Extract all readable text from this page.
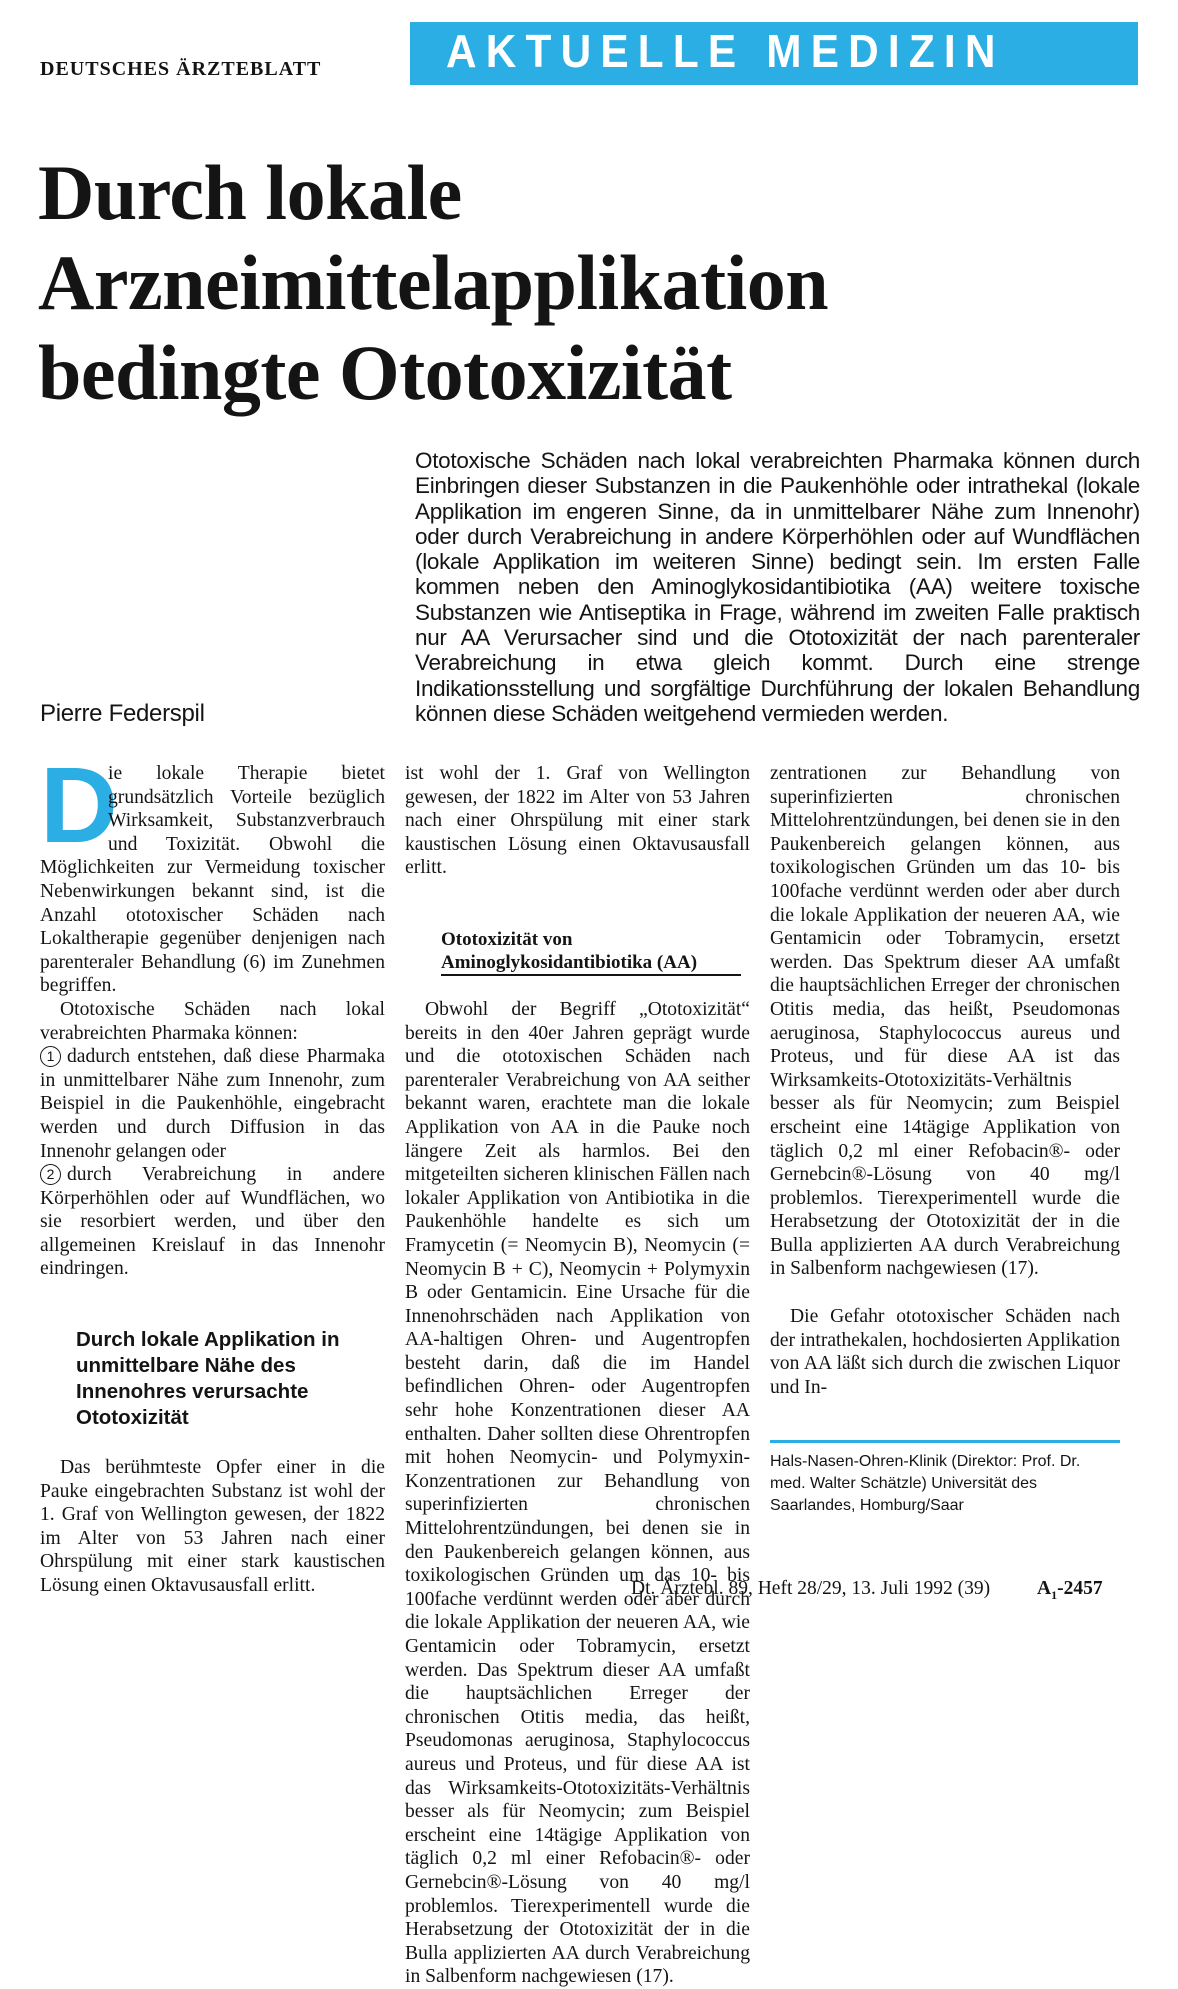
DEUTSCHES ÄRZTEBLATT	AKTUELLE MEDIZIN
Durch lokale
Arzneimittelapplikation
bedingte Ototoxizität
Ototoxische Schäden nach lokal verabreichten Pharmaka können durch Einbringen dieser Substanzen in die Paukenhöhle oder intrathekal (lokale Applikation im engeren Sinne, da in unmittelbarer Nähe zum Innenohr) oder durch Verabreichung in andere Körperhöhlen oder auf Wundflächen (lokale Applikation im weiteren Sinne) bedingt sein. Im ersten Falle kommen neben den Aminoglykosidantibiotika (AA) weitere toxische Substanzen wie Antiseptika in Frage, während im zweiten Falle praktisch nur AA Verursacher sind und die Ototoxizität der nach parenteraler Verabreichung in etwa gleich kommt. Durch eine strenge Indikationsstellung und sorgfältige Durchführung der lokalen Behandlung können diese Schäden weitgehend vermieden werden.
Pierre Federspil

D
ie lokale Therapie bietet grundsätzlich Vorteile bezüglich Wirksamkeit, Substanzverbrauch und Toxizität. Obwohl die Möglichkeiten zur Vermeidung toxischer Nebenwirkungen bekannt sind, ist die Anzahl ototoxischer Schäden nach Lokaltherapie gegenüber denjenigen nach parenteraler Behandlung (6) im Zunehmen begriffen.

Ototoxische Schäden nach lokal verabreichten Pharmaka können:

1 dadurch entstehen, daß diese Pharmaka in unmittelbarer Nähe zum Innenohr, zum Beispiel in die Paukenhöhle, eingebracht werden und durch Diffusion in das Innenohr gelangen oder

2 durch Verabreichung in andere Körperhöhlen oder auf Wundflächen, wo sie resorbiert werden, und über den allgemeinen Kreislauf in das Innenohr eindringen.

Durch lokale Applikation in unmittelbare Nähe des Innenohres verursachte Ototoxizität

Das berühmteste Opfer einer in die Pauke eingebrachten Substanz ist wohl der 1. Graf von Wellington gewesen, der 1822 im Alter von 53 Jahren nach einer Ohrspülung mit einer stark kaustischen Lösung einen Oktavusausfall erlitt.

ist wohl der 1. Graf von Wellington gewesen, der 1822 im Alter von 53 Jahren nach einer Ohrspülung mit einer stark kaustischen Lösung einen Oktavusausfall erlitt.

Ototoxizität von
Aminoglykosidantibiotika (AA)

Obwohl der Begriff „Ototoxizität“ bereits in den 40er Jahren geprägt wurde und die ototoxischen Schäden nach parenteraler Verabreichung von AA seither bekannt waren, erachtete man die lokale Applikation von AA in die Pauke noch längere Zeit als harmlos. Bei den mitgeteilten sicheren klinischen Fällen nach lokaler Applikation von Antibiotika in die Paukenhöhle handelte es sich um Framycetin (= Neomycin B), Neomycin (= Neomycin B + C), Neomycin + Polymyxin B oder Gentamicin. Eine Ursache für die Innenohrschäden nach Applikation von AA-haltigen Ohren- und Augentropfen besteht darin, daß die im Handel befindlichen Ohren- oder Augentropfen sehr hohe Konzentrationen dieser AA enthalten. Daher sollten diese Ohrentropfen mit hohen Neomycin- und Polymyxin-Konzentrationen zur Behandlung von superinfizierten chronischen Mittelohrentzündungen, bei denen sie in den Paukenbereich gelangen können, aus toxikologischen Gründen um das 10- bis 100fache verdünnt werden oder aber durch die lokale Applikation der neueren AA, wie Gentamicin oder Tobramycin, ersetzt werden. Das Spektrum dieser AA umfaßt die hauptsächlichen Erreger der chronischen Otitis media, das heißt, Pseudomonas aeruginosa, Staphylococcus aureus und Proteus, und für diese AA ist das Wirksamkeits-Ototoxizitäts-Verhältnis besser als für Neomycin; zum Beispiel erscheint eine 14tägige Applikation von täglich 0,2 ml einer Refobacin®- oder Gernebcin®-Lösung von 40 mg/l problemlos. Tierexperimentell wurde die Herabsetzung der Ototoxizität der in die Bulla applizierten AA durch Verabreichung in Salbenform nachgewiesen (17).

zentrationen zur Behandlung von superinfizierten chronischen Mittelohrentzündungen, bei denen sie in den Paukenbereich gelangen können, aus toxikologischen Gründen um das 10- bis 100fache verdünnt werden oder aber durch die lokale Applikation der neueren AA, wie Gentamicin oder Tobramycin, ersetzt werden. Das Spektrum dieser AA umfaßt die hauptsächlichen Erreger der chronischen Otitis media, das heißt, Pseudomonas aeruginosa, Staphylococcus aureus und Proteus, und für diese AA ist das Wirksamkeits-Ototoxizitäts-Verhältnis besser als für Neomycin; zum Beispiel erscheint eine 14tägige Applikation von täglich 0,2 ml einer Refobacin®- oder Gernebcin®-Lösung von 40 mg/l problemlos. Tierexperimentell wurde die Herabsetzung der Ototoxizität der in die Bulla applizierten AA durch Verabreichung in Salbenform nachgewiesen (17).

Die Gefahr ototoxischer Schäden nach der intrathekalen, hochdosierten Applikation von AA läßt sich durch die zwischen Liquor und In-

Hals-Nasen-Ohren-Klinik (Direktor: Prof. Dr. med. Walter Schätzle) Universität des Saarlandes, Homburg/Saar
Dt. Ärztebl. 89, Heft 28/29, 13. Juli 1992 (39) $A_1-2457$
